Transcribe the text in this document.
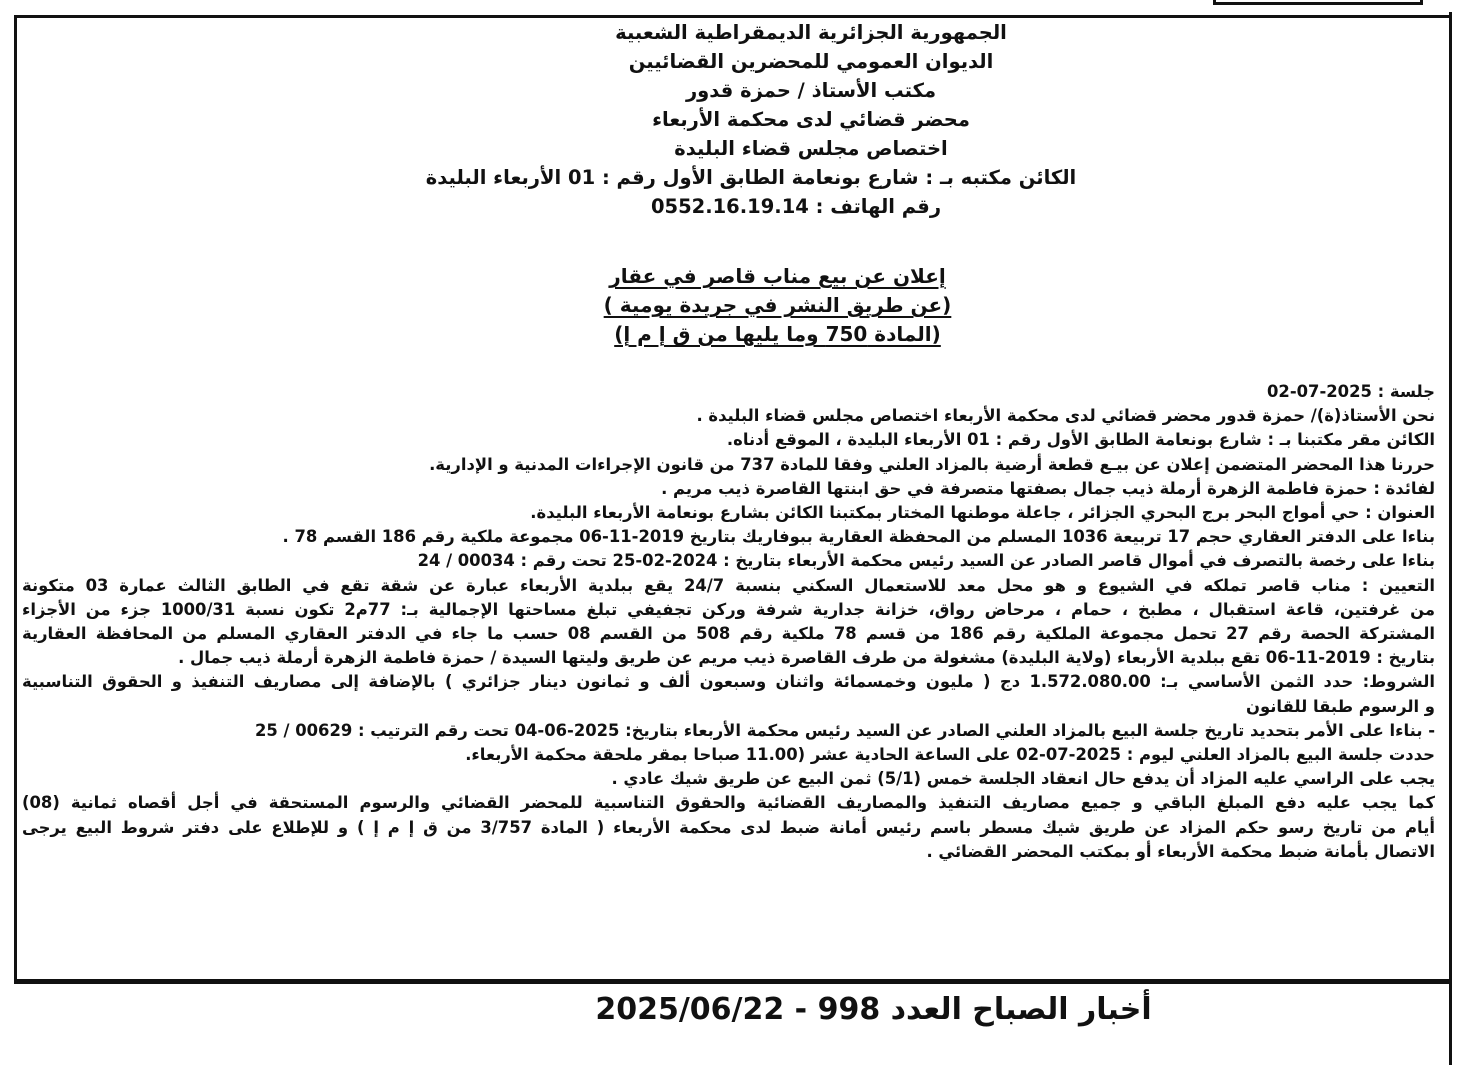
الجمهورية الجزائرية الديمقراطية الشعبية
الديوان العمومي للمحضرين القضائيين
مكتب الأستاذ / حمزة قدور
محضر قضائي لدى محكمة الأربعاء
اختصاص مجلس قضاء البليدة
الكائن مكتبه بـ : شارع بونعامة الطابق الأول رقم : 01 الأربعاء البليدة
رقم الهاتف : 0552.16.19.14
إعلان عن بيع مناب قاصر في عقار
(عن طريق النشر في جريدة يومية )
(المادة 750 وما يليها من ق إ م إ)
جلسة : 2025-07-02
نحن الأستاذ(ة)/ حمزة قدور محضر قضائي لدى محكمة الأربعاء اختصاص مجلس قضاء البليدة .
الكائن مقر مكتبنا بـ : شارع بونعامة الطابق الأول رقم : 01 الأربعاء البليدة ، الموقع أدناه.
حررنا هذا المحضر المتضمن إعلان عن بيـع قطعة أرضية بالمزاد العلني وفقا للمادة 737 من قانون الإجراءات المدنية و الإدارية.
لفائدة : حمزة فاطمة الزهرة أرملة ذيب جمال بصفتها متصرفة في حق ابنتها القاصرة ذيب مريم .
العنوان : حي أمواج البحر برج البحري الجزائر ، جاعلة موطنها المختار بمكتبنا الكائن بشارع بونعامة الأربعاء البليدة.
بناءا على الدفتر العقاري حجم 17 تربيعة 1036 المسلم من المحفظة العقارية ببوفاريك بتاريخ 2019-11-06 مجموعة ملكية رقم 186 القسم 78 .
بناءا على رخصة بالتصرف في أموال قاصر الصادر عن السيد رئيس محكمة الأربعاء بتاريخ : 2024-02-25 تحت رقم : 00034 / 24
التعيين : مناب قاصر تملكه في الشيوع و هو محل معد للاستعمال السكني بنسبة 24/7 يقع ببلدية الأربعاء عبارة عن شقة تقع في الطابق الثالث عمارة 03 متكونة
من غرفتين، قاعة استقبال ، مطبخ ، حمام ، مرحاض رواق، خزانة جدارية شرفة وركن تجفيفي تبلغ مساحتها الإجمالية بـ: 77م2 تكون نسبة 1000/31 جزء من الأجزاء
المشتركة الحصة رقم 27 تحمل مجموعة الملكية رقم 186 من قسم 78 ملكية رقم 508 من القسم 08 حسب ما جاء في الدفتر العقاري المسلم من المحافظة العقارية
بتاريخ : 2019-11-06 تقع ببلدية الأربعاء (ولاية البليدة) مشغولة من طرف القاصرة ذيب مريم عن طريق وليتها السيدة / حمزة فاطمة الزهرة أرملة ذيب جمال .
الشروط: حدد الثمن الأساسي بـ: 1.572.080.00 دج ( مليون وخمسمائة واثنان وسبعون ألف و ثمانون دينار جزائري ) بالإضافة إلى مصاريف التنفيذ و الحقوق التناسبية
و الرسوم طبقا للقانون
- بناءا على الأمر بتحديد تاريخ جلسة البيع بالمزاد العلني الصادر عن السيد رئيس محكمة الأربعاء بتاريخ: 2025-06-04 تحت رقم الترتيب : 00629 / 25
حددت جلسة البيع بالمزاد العلني ليوم : 2025-07-02 على الساعة الحادية عشر (11.00 صباحا بمقر ملحقة محكمة الأربعاء.
يجب على الراسي عليه المزاد أن يدفع حال انعقاد الجلسة خمس (5/1) ثمن البيع عن طريق شيك عادي .
كما يجب عليه دفع المبلغ الباقي و جميع مصاريف التنفيذ والمصاريف القضائية والحقوق التناسبية للمحضر القضائي والرسوم المستحقة في أجل أقصاه ثمانية (08)
أيام من تاريخ رسو حكم المزاد عن طريق شيك مسطر باسم رئيس أمانة ضبط لدى محكمة الأربعاء ( المادة 3/757 من ق إ م إ ) و للإطلاع على دفتر شروط البيع يرجى
الاتصال بأمانة ضبط محكمة الأربعاء أو بمكتب المحضر القضائي .
أخبار الصباح العدد 998 - 2025/06/22
